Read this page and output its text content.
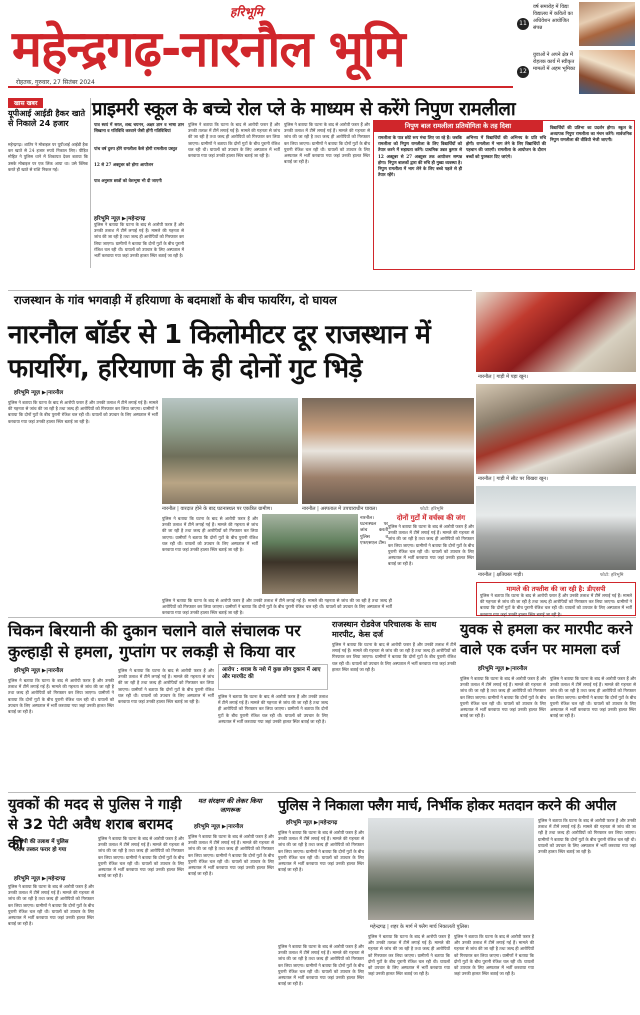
हरिभूमि
महेन्द्रगढ़-नारनौल भूमि
रोहतक, गुरुवार, 27 सितंबर 2024
11
वर्ष समारोह में विद्या विद्यालय में कवितों का अधिवेशन आयोजित संपन्न
12
युवाओं ने अपने क्षेत्र में रोहतक कार्य में स्वीकृत मामलों में अहम भूमिका
खास खबर
यूपीआई आईडी हैकर खाते से निकाले 24 हजार
महेन्द्रगढ़। शातिर ने मोबाइल पर यूपीआई आईडी हैक कर खाते से 24 हजार रुपये निकाल लिए। पीड़ित मोहित ने पुलिस थाने में शिकायत देकर बताया कि उसके मोबाइल पर एक लिंक आया था। उसे क्लिक करते ही खाते से राशि निकल गई।
प्राइमरी स्कूल के बच्चे रोल प्ले के माध्यम से करेंगे निपुण रामलीला
पात्र स्वयं में सरल, शब्द चयनन, अक्षर ज्ञान व भाषा ज्ञान सिखाना व गतिविधि करवाने जैसी होंगी गतिविधियां
पांच वर्ष दुरुप होंगे रामलीला कैसे होगी रामलीला प्रस्तुत
12 से 27 अक्टूबर को होगा आयोजन
पात्र अनुसार छात्रों को वेशभूषा भी दी जाएगी
हरिभूमि न्यूज़ ▶|महेन्द्रगढ़
पुलिस ने बताया कि घटना के बाद से आरोपी फरार हैं और उनकी तलाश में टीमें लगाई गई हैं। मामले की गहनता से जांच की जा रही है तथा जल्द ही आरोपियों को गिरफ्तार कर लिया जाएगा। ग्रामीणों ने बताया कि दोनों गुटों के बीच पुरानी रंजिश चल रही थी। घायलों को उपचार के लिए अस्पताल में भर्ती करवाया गया जहां उनकी हालत स्थिर बताई जा रही है।
पुलिस ने बताया कि घटना के बाद से आरोपी फरार हैं और उनकी तलाश में टीमें लगाई गई हैं। मामले की गहनता से जांच की जा रही है तथा जल्द ही आरोपियों को गिरफ्तार कर लिया जाएगा। ग्रामीणों ने बताया कि दोनों गुटों के बीच पुरानी रंजिश चल रही थी। घायलों को उपचार के लिए अस्पताल में भर्ती करवाया गया जहां उनकी हालत स्थिर बताई जा रही है।
पुलिस ने बताया कि घटना के बाद से आरोपी फरार हैं और उनकी तलाश में टीमें लगाई गई हैं। मामले की गहनता से जांच की जा रही है तथा जल्द ही आरोपियों को गिरफ्तार कर लिया जाएगा। ग्रामीणों ने बताया कि दोनों गुटों के बीच पुरानी रंजिश चल रही थी। घायलों को उपचार के लिए अस्पताल में भर्ती करवाया गया जहां उनकी हालत स्थिर बताई जा रही है।
निपुण बाल रामलीला प्रतियोगिता के तह दिशा
रामलीला के पात्र छोटे रूप मंचा लिए जा रहे हैं। जबकि रामलीला को निपुण रामलीला के लिए विद्यार्थियों को तैयार करने में सहायता करेंगे। प्राथमिक उन्नत कुमार से 12 अक्टूबर से 27 अक्टूबर तक आयोजन सम्पन्न होगा। निपुण बालकों द्वारा की रुचि ही मुख्य व्यवस्था है। निपुण रामलीला में भाग लेने के लिए बच्चे पहले से ही तैयार रहेंगे।
अभिनय में विद्यार्थियों की अभिनय के प्रति रुचि होगी। रामलीला में भाग लेने के लिए विद्यार्थियों की पहचान की जाएगी। रामलीला के आयोजन के दौरान बच्चों को पुरस्कार दिए जाएंगे।
विद्यार्थियों की प्रतिभा का प्रदर्शन होगा। स्कूल के अध्यापक निपुण रामलीला का मंचन करेंगे। सार्वजनिक निपुण रामलीला की वीडियो भेजी जाएगी।
राजस्थान के गांव भगवाड़ी में हरियाणा के बदमाशों के बीच फायरिंग, दो घायल
नारनौल बॉर्डर से 1 किलोमीटर दूर राजस्थान में फायरिंग, हरियाणा के ही दोनों गुट भिड़े
हरिभूमि न्यूज़ ▶|नारनौल
पुलिस ने बताया कि घटना के बाद से आरोपी फरार हैं और उनकी तलाश में टीमें लगाई गई हैं। मामले की गहनता से जांच की जा रही है तथा जल्द ही आरोपियों को गिरफ्तार कर लिया जाएगा। ग्रामीणों ने बताया कि दोनों गुटों के बीच पुरानी रंजिश चल रही थी। घायलों को उपचार के लिए अस्पताल में भर्ती करवाया गया जहां उनकी हालत स्थिर बताई जा रही है।
नारनौल | वारदात होने के बाद घटनास्थल पर एकत्रित ग्रामीण।	नारनौल | अस्पताल में उपचाराधीन घायल।	फोटो: हरिभूमि
पुलिस ने बताया कि घटना के बाद से आरोपी फरार हैं और उनकी तलाश में टीमें लगाई गई हैं। मामले की गहनता से जांच की जा रही है तथा जल्द ही आरोपियों को गिरफ्तार कर लिया जाएगा। ग्रामीणों ने बताया कि दोनों गुटों के बीच पुरानी रंजिश चल रही थी। घायलों को उपचार के लिए अस्पताल में भर्ती करवाया गया जहां उनकी हालत स्थिर बताई जा रही है।
नारनौल। घटनास्थल पर जांच करती पुलिस व एफएसएल टीम।
दोनों गुटों में वर्चस्व की जंग
पुलिस ने बताया कि घटना के बाद से आरोपी फरार हैं और उनकी तलाश में टीमें लगाई गई हैं। मामले की गहनता से जांच की जा रही है तथा जल्द ही आरोपियों को गिरफ्तार कर लिया जाएगा। ग्रामीणों ने बताया कि दोनों गुटों के बीच पुरानी रंजिश चल रही थी। घायलों को उपचार के लिए अस्पताल में भर्ती करवाया गया जहां उनकी हालत स्थिर बताई जा रही है।
पुलिस ने बताया कि घटना के बाद से आरोपी फरार हैं और उनकी तलाश में टीमें लगाई गई हैं। मामले की गहनता से जांच की जा रही है तथा जल्द ही आरोपियों को गिरफ्तार कर लिया जाएगा। ग्रामीणों ने बताया कि दोनों गुटों के बीच पुरानी रंजिश चल रही थी। घायलों को उपचार के लिए अस्पताल में भर्ती करवाया गया जहां उनकी हालत स्थिर बताई जा रही है।
नारनौल | गाड़ी में पड़ा खून।
नारनौल | गाड़ी में सीट पर बिखरा खून।
नारनौल | क्षतिग्रस्त गाड़ी।	फोटो: हरिभूमि
मामले की तफ्तीश की जा रही है: डीएसपी
पुलिस ने बताया कि घटना के बाद से आरोपी फरार हैं और उनकी तलाश में टीमें लगाई गई हैं। मामले की गहनता से जांच की जा रही है तथा जल्द ही आरोपियों को गिरफ्तार कर लिया जाएगा। ग्रामीणों ने बताया कि दोनों गुटों के बीच पुरानी रंजिश चल रही थी। घायलों को उपचार के लिए अस्पताल में भर्ती करवाया गया जहां उनकी हालत स्थिर बताई जा रही है।
चिकन बिरयानी की दुकान चलाने वाले संचालक पर कुल्हाड़ी से हमला, गुप्तांग पर लकड़ी से किया वार
हरिभूमि न्यूज़ ▶|नारनौल
पुलिस ने बताया कि घटना के बाद से आरोपी फरार हैं और उनकी तलाश में टीमें लगाई गई हैं। मामले की गहनता से जांच की जा रही है तथा जल्द ही आरोपियों को गिरफ्तार कर लिया जाएगा। ग्रामीणों ने बताया कि दोनों गुटों के बीच पुरानी रंजिश चल रही थी। घायलों को उपचार के लिए अस्पताल में भर्ती करवाया गया जहां उनकी हालत स्थिर बताई जा रही है।
पुलिस ने बताया कि घटना के बाद से आरोपी फरार हैं और उनकी तलाश में टीमें लगाई गई हैं। मामले की गहनता से जांच की जा रही है तथा जल्द ही आरोपियों को गिरफ्तार कर लिया जाएगा। ग्रामीणों ने बताया कि दोनों गुटों के बीच पुरानी रंजिश चल रही थी। घायलों को उपचार के लिए अस्पताल में भर्ती करवाया गया जहां उनकी हालत स्थिर बताई जा रही है।
आरोप : शराब के नशे में कुछ लोग दुकान में आए और मारपीट की
पुलिस ने बताया कि घटना के बाद से आरोपी फरार हैं और उनकी तलाश में टीमें लगाई गई हैं। मामले की गहनता से जांच की जा रही है तथा जल्द ही आरोपियों को गिरफ्तार कर लिया जाएगा। ग्रामीणों ने बताया कि दोनों गुटों के बीच पुरानी रंजिश चल रही थी। घायलों को उपचार के लिए अस्पताल में भर्ती करवाया गया जहां उनकी हालत स्थिर बताई जा रही है।
राजस्थान रोडवेज परिचालक के साथ मारपीट, केस दर्ज
पुलिस ने बताया कि घटना के बाद से आरोपी फरार हैं और उनकी तलाश में टीमें लगाई गई हैं। मामले की गहनता से जांच की जा रही है तथा जल्द ही आरोपियों को गिरफ्तार कर लिया जाएगा। ग्रामीणों ने बताया कि दोनों गुटों के बीच पुरानी रंजिश चल रही थी। घायलों को उपचार के लिए अस्पताल में भर्ती करवाया गया जहां उनकी हालत स्थिर बताई जा रही है।
युवक से हमला कर मारपीट करने वाले एक दर्जन पर मामला दर्ज
हरिभूमि न्यूज़ ▶|नारनौल
पुलिस ने बताया कि घटना के बाद से आरोपी फरार हैं और उनकी तलाश में टीमें लगाई गई हैं। मामले की गहनता से जांच की जा रही है तथा जल्द ही आरोपियों को गिरफ्तार कर लिया जाएगा। ग्रामीणों ने बताया कि दोनों गुटों के बीच पुरानी रंजिश चल रही थी। घायलों को उपचार के लिए अस्पताल में भर्ती करवाया गया जहां उनकी हालत स्थिर बताई जा रही है।
पुलिस ने बताया कि घटना के बाद से आरोपी फरार हैं और उनकी तलाश में टीमें लगाई गई हैं। मामले की गहनता से जांच की जा रही है तथा जल्द ही आरोपियों को गिरफ्तार कर लिया जाएगा। ग्रामीणों ने बताया कि दोनों गुटों के बीच पुरानी रंजिश चल रही थी। घायलों को उपचार के लिए अस्पताल में भर्ती करवाया गया जहां उनकी हालत स्थिर बताई जा रही है।
युवकों की मदद से पुलिस ने गाड़ी से 32 पेटी अवैध शराब बरामद की
आरोपी की तलाश में पुलिस
शराब तस्कर फरार हो गया
हरिभूमि न्यूज़ ▶|महेन्द्रगढ़
पुलिस ने बताया कि घटना के बाद से आरोपी फरार हैं और उनकी तलाश में टीमें लगाई गई हैं। मामले की गहनता से जांच की जा रही है तथा जल्द ही आरोपियों को गिरफ्तार कर लिया जाएगा। ग्रामीणों ने बताया कि दोनों गुटों के बीच पुरानी रंजिश चल रही थी। घायलों को उपचार के लिए अस्पताल में भर्ती करवाया गया जहां उनकी हालत स्थिर बताई जा रही है।
पुलिस ने बताया कि घटना के बाद से आरोपी फरार हैं और उनकी तलाश में टीमें लगाई गई हैं। मामले की गहनता से जांच की जा रही है तथा जल्द ही आरोपियों को गिरफ्तार कर लिया जाएगा। ग्रामीणों ने बताया कि दोनों गुटों के बीच पुरानी रंजिश चल रही थी। घायलों को उपचार के लिए अस्पताल में भर्ती करवाया गया जहां उनकी हालत स्थिर बताई जा रही है।
मत संरक्षण की लेकर किया जागरूक
हरिभूमि न्यूज़ ▶|नारनौल
पुलिस ने बताया कि घटना के बाद से आरोपी फरार हैं और उनकी तलाश में टीमें लगाई गई हैं। मामले की गहनता से जांच की जा रही है तथा जल्द ही आरोपियों को गिरफ्तार कर लिया जाएगा। ग्रामीणों ने बताया कि दोनों गुटों के बीच पुरानी रंजिश चल रही थी। घायलों को उपचार के लिए अस्पताल में भर्ती करवाया गया जहां उनकी हालत स्थिर बताई जा रही है।
पुलिस ने निकाला फ्लैग मार्च, निर्भीक होकर मतदान करने की अपील
हरिभूमि न्यूज़ ▶|महेन्द्रगढ़
पुलिस ने बताया कि घटना के बाद से आरोपी फरार हैं और उनकी तलाश में टीमें लगाई गई हैं। मामले की गहनता से जांच की जा रही है तथा जल्द ही आरोपियों को गिरफ्तार कर लिया जाएगा। ग्रामीणों ने बताया कि दोनों गुटों के बीच पुरानी रंजिश चल रही थी। घायलों को उपचार के लिए अस्पताल में भर्ती करवाया गया जहां उनकी हालत स्थिर बताई जा रही है।
महेन्द्रगढ़ | शहर के मार्ग में फ्लैग मार्च निकालती पुलिस।
पुलिस ने बताया कि घटना के बाद से आरोपी फरार हैं और उनकी तलाश में टीमें लगाई गई हैं। मामले की गहनता से जांच की जा रही है तथा जल्द ही आरोपियों को गिरफ्तार कर लिया जाएगा। ग्रामीणों ने बताया कि दोनों गुटों के बीच पुरानी रंजिश चल रही थी। घायलों को उपचार के लिए अस्पताल में भर्ती करवाया गया जहां उनकी हालत स्थिर बताई जा रही है।
पुलिस ने बताया कि घटना के बाद से आरोपी फरार हैं और उनकी तलाश में टीमें लगाई गई हैं। मामले की गहनता से जांच की जा रही है तथा जल्द ही आरोपियों को गिरफ्तार कर लिया जाएगा। ग्रामीणों ने बताया कि दोनों गुटों के बीच पुरानी रंजिश चल रही थी। घायलों को उपचार के लिए अस्पताल में भर्ती करवाया गया जहां उनकी हालत स्थिर बताई जा रही है।
पुलिस ने बताया कि घटना के बाद से आरोपी फरार हैं और उनकी तलाश में टीमें लगाई गई हैं। मामले की गहनता से जांच की जा रही है तथा जल्द ही आरोपियों को गिरफ्तार कर लिया जाएगा। ग्रामीणों ने बताया कि दोनों गुटों के बीच पुरानी रंजिश चल रही थी। घायलों को उपचार के लिए अस्पताल में भर्ती करवाया गया जहां उनकी हालत स्थिर बताई जा रही है।
पुलिस ने बताया कि घटना के बाद से आरोपी फरार हैं और उनकी तलाश में टीमें लगाई गई हैं। मामले की गहनता से जांच की जा रही है तथा जल्द ही आरोपियों को गिरफ्तार कर लिया जाएगा। ग्रामीणों ने बताया कि दोनों गुटों के बीच पुरानी रंजिश चल रही थी। घायलों को उपचार के लिए अस्पताल में भर्ती करवाया गया जहां उनकी हालत स्थिर बताई जा रही है।
